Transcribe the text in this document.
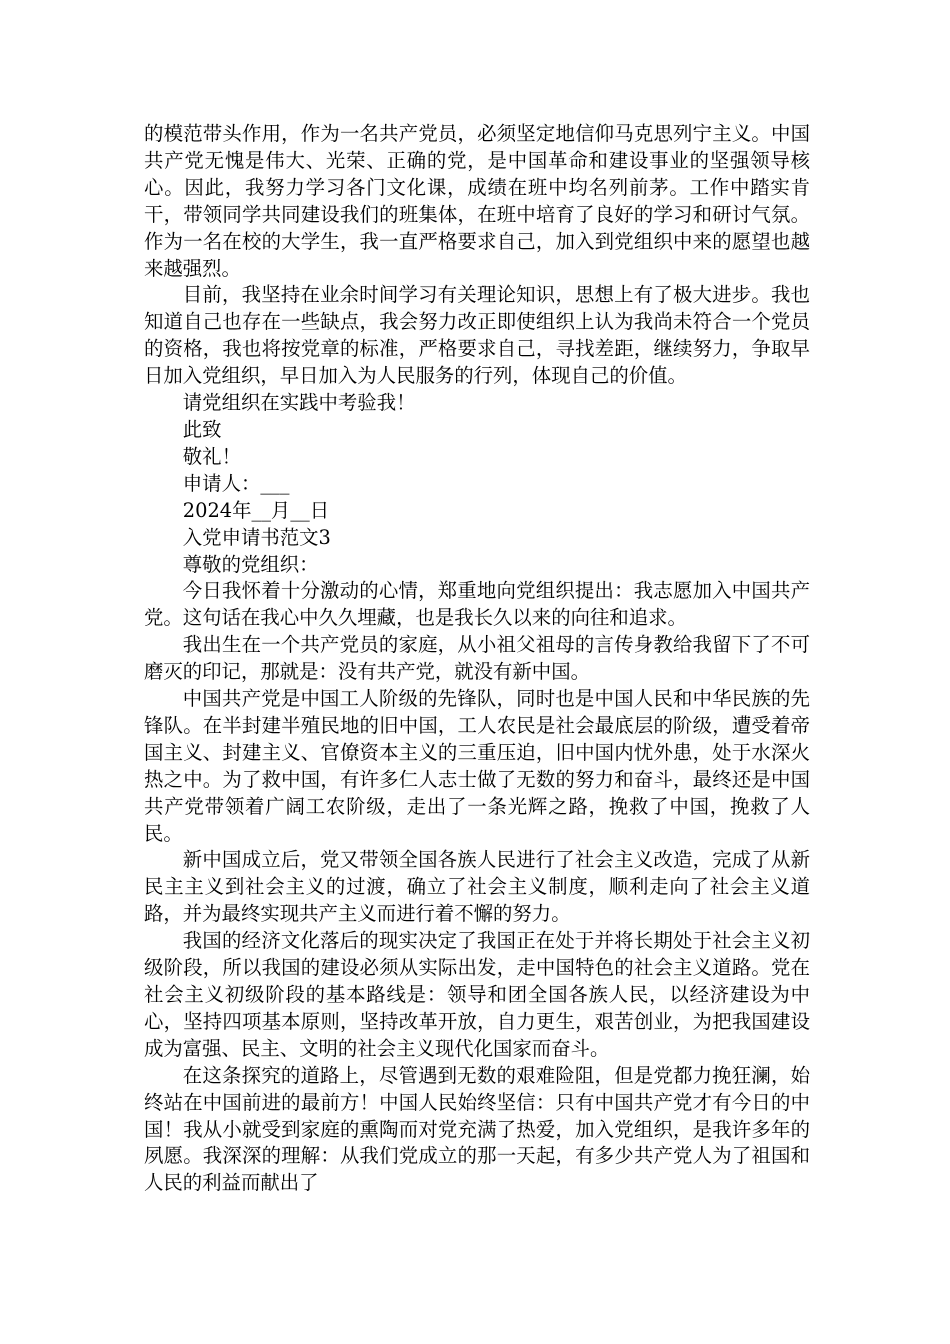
的模范带头作用，作为一名共产党员，必须坚定地信仰马克思列宁主义。中国共产党无愧是伟大、光荣、正确的党，是中国革命和建设事业的坚强领导核心。因此，我努力学习各门文化课，成绩在班中均名列前茅。工作中踏实肯干，带领同学共同建设我们的班集体，在班中培育了良好的学习和研讨气氛。作为一名在校的大学生，我一直严格要求自己，加入到党组织中来的愿望也越来越强烈。

目前，我坚持在业余时间学习有关理论知识，思想上有了极大进步。我也知道自己也存在一些缺点，我会努力改正即使组织上认为我尚未符合一个党员的资格，我也将按党章的标准，严格要求自己，寻找差距，继续努力，争取早日加入党组织，早日加入为人民服务的行列，体现自己的价值。

请党组织在实践中考验我！

此致

敬礼！

申请人：___

2024年__月__日

入党申请书范文3

尊敬的党组织：

今日我怀着十分激动的心情，郑重地向党组织提出：我志愿加入中国共产党。这句话在我心中久久埋藏，也是我长久以来的向往和追求。

我出生在一个共产党员的家庭，从小祖父祖母的言传身教给我留下了不可磨灭的印记，那就是：没有共产党，就没有新中国。

中国共产党是中国工人阶级的先锋队，同时也是中国人民和中华民族的先锋队。在半封建半殖民地的旧中国，工人农民是社会最底层的阶级，遭受着帝国主义、封建主义、官僚资本主义的三重压迫，旧中国内忧外患，处于水深火热之中。为了救中国，有许多仁人志士做了无数的努力和奋斗，最终还是中国共产党带领着广阔工农阶级，走出了一条光辉之路，挽救了中国，挽救了人民。

新中国成立后，党又带领全国各族人民进行了社会主义改造，完成了从新民主主义到社会主义的过渡，确立了社会主义制度，顺利走向了社会主义道路，并为最终实现共产主义而进行着不懈的努力。

我国的经济文化落后的现实决定了我国正在处于并将长期处于社会主义初级阶段，所以我国的建设必须从实际出发，走中国特色的社会主义道路。党在社会主义初级阶段的基本路线是：领导和团全国各族人民，以经济建设为中心，坚持四项基本原则，坚持改革开放，自力更生，艰苦创业，为把我国建设成为富强、民主、文明的社会主义现代化国家而奋斗。

在这条探究的道路上，尽管遇到无数的艰难险阻，但是党都力挽狂澜，始终站在中国前进的最前方！中国人民始终坚信：只有中国共产党才有今日的中国！我从小就受到家庭的熏陶而对党充满了热爱，加入党组织，是我许多年的夙愿。我深深的理解：从我们党成立的那一天起，有多少共产党人为了祖国和人民的利益而献出了
